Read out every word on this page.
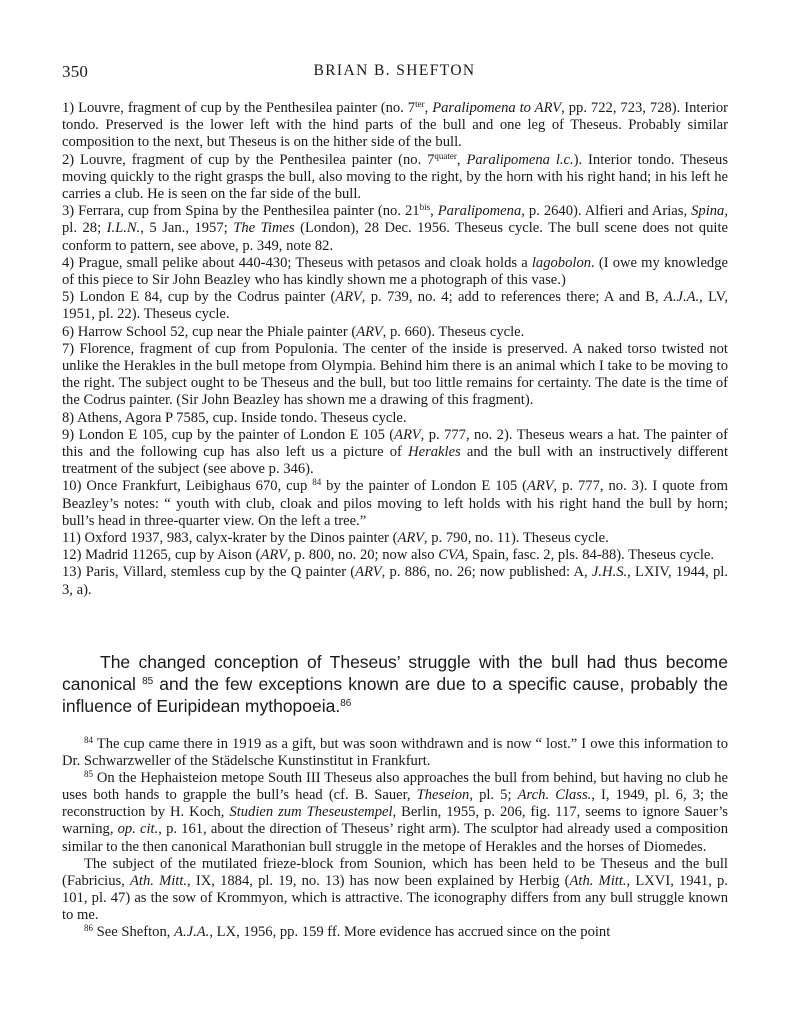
350	BRIAN B. SHEFTON

1) Louvre, fragment of cup by the Penthesilea painter (no. $7^{ter}$, Paralipomena to ARV, pp. 722, 723, 728). Interior tondo. Preserved is the lower left with the hind parts of the bull and one leg of Theseus. Probably similar composition to the next, but Theseus is on the hither side of the bull.

2) Louvre, fragment of cup by the Penthesilea painter (no. $7^{quater}$, Paralipomena l.c.). Interior tondo. Theseus moving quickly to the right grasps the bull, also moving to the right, by the horn with his right hand; in his left he carries a club. He is seen on the far side of the bull.

3) Ferrara, cup from Spina by the Penthesilea painter (no. $21^{bis}$, Paralipomena, p. 2640). Alfieri and Arias, Spina, pl. 28; I.L.N., 5 Jan., 1957; The Times (London), 28 Dec. 1956. Theseus cycle. The bull scene does not quite conform to pattern, see above, p. 349, note 82.

4) Prague, small pelike about 440-430; Theseus with petasos and cloak holds a lagobolon. (I owe my knowledge of this piece to Sir John Beazley who has kindly shown me a photograph of this vase.)

5) London E 84, cup by the Codrus painter (ARV, p. 739, no. 4; add to references there; A and B, A.J.A., LV, 1951, pl. 22). Theseus cycle.

6) Harrow School 52, cup near the Phiale painter (ARV, p. 660). Theseus cycle.

7) Florence, fragment of cup from Populonia. The center of the inside is preserved. A naked torso twisted not unlike the Herakles in the bull metope from Olympia. Behind him there is an animal which I take to be moving to the right. The subject ought to be Theseus and the bull, but too little remains for certainty. The date is the time of the Codrus painter. (Sir John Beazley has shown me a drawing of this fragment).

8) Athens, Agora P 7585, cup. Inside tondo. Theseus cycle.

9) London E 105, cup by the painter of London E 105 (ARV, p. 777, no. 2). Theseus wears a hat. The painter of this and the following cup has also left us a picture of Herakles and the bull with an instructively different treatment of the subject (see above p. 346).

10) Once Frankfurt, Leibighaus 670, cup $^{84}$ by the painter of London E 105 (ARV, p. 777, no. 3). I quote from Beazley’s notes: “ youth with club, cloak and pilos moving to left holds with his right hand the bull by horn; bull’s head in three-quarter view. On the left a tree.”

11) Oxford 1937, 983, calyx-krater by the Dinos painter (ARV, p. 790, no. 11). Theseus cycle.

12) Madrid 11265, cup by Aison (ARV, p. 800, no. 20; now also CVA, Spain, fasc. 2, pls. 84-88). Theseus cycle.

13) Paris, Villard, stemless cup by the Q painter (ARV, p. 886, no. 26; now published: A, J.H.S., LXIV, 1944, pl. 3, a).

The changed conception of Theseus’ struggle with the bull had thus become canonical $^{85}$ and the few exceptions known are due to a specific cause, probably the influence of Euripidean mythopoeia.$^{86}$

$^{84}$ The cup came there in 1919 as a gift, but was soon withdrawn and is now “ lost.” I owe this information to Dr. Schwarzweller of the Städelsche Kunstinstitut in Frankfurt.

$^{85}$ On the Hephaisteion metope South III Theseus also approaches the bull from behind, but having no club he uses both hands to grapple the bull’s head (cf. B. Sauer, Theseion, pl. 5; Arch. Class., I, 1949, pl. 6, 3; the reconstruction by H. Koch, Studien zum Theseustempel, Berlin, 1955, p. 206, fig. 117, seems to ignore Sauer’s warning, op. cit., p. 161, about the direction of Theseus’ right arm). The sculptor had already used a composition similar to the then canonical Marathonian bull struggle in the metope of Herakles and the horses of Diomedes.

The subject of the mutilated frieze-block from Sounion, which has been held to be Theseus and the bull (Fabricius, Ath. Mitt., IX, 1884, pl. 19, no. 13) has now been explained by Herbig (Ath. Mitt., LXVI, 1941, p. 101, pl. 47) as the sow of Krommyon, which is attractive. The iconography differs from any bull struggle known to me.

$^{86}$ See Shefton, A.J.A., LX, 1956, pp. 159 ff. More evidence has accrued since on the point
